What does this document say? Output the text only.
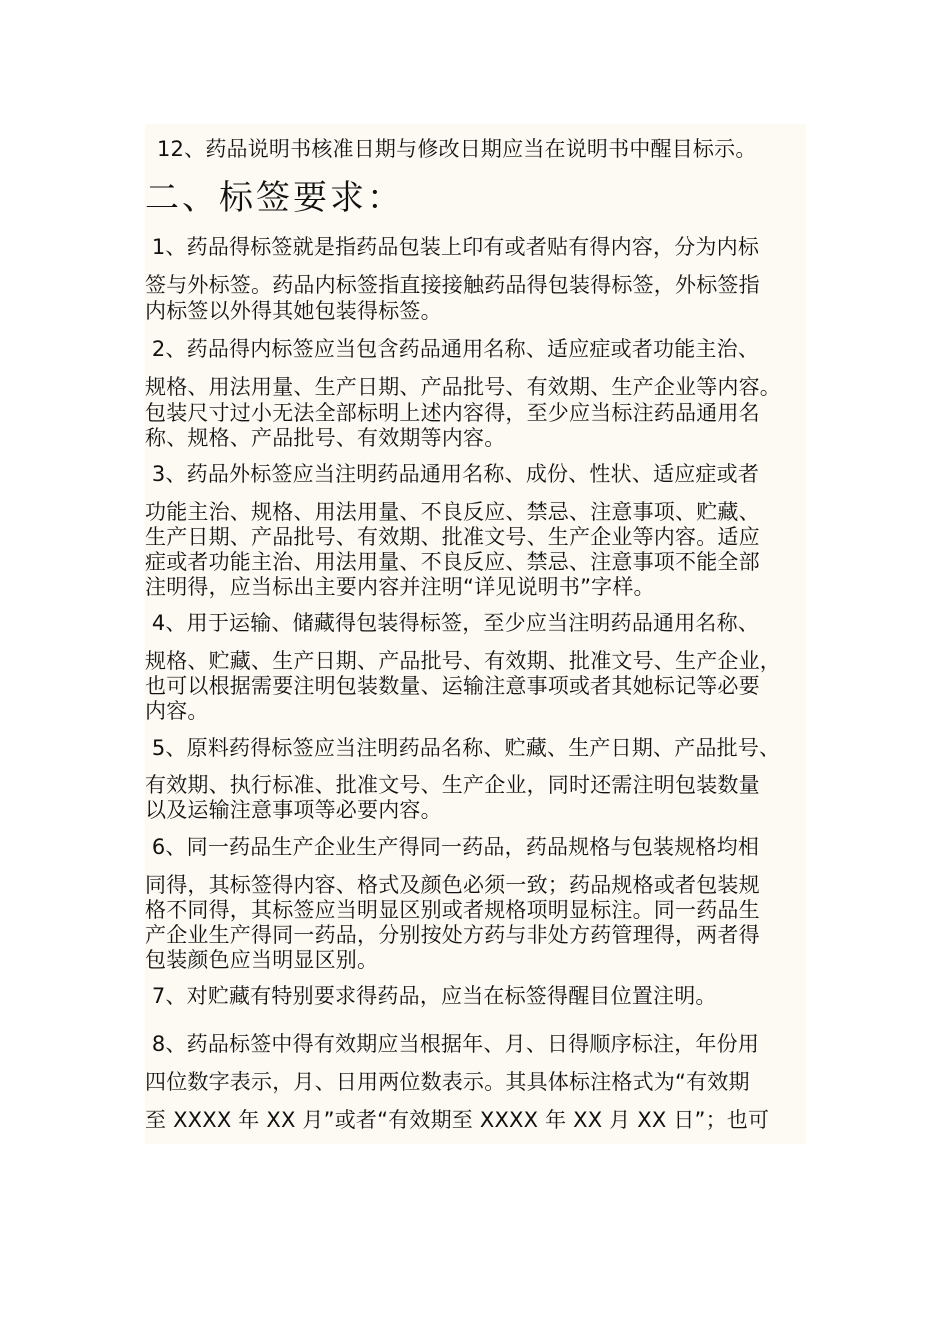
12、药品说明书核准日期与修改日期应当在说明书中醒目标示。
二、标签要求：
1、药品得标签就是指药品包装上印有或者贴有得内容，分为内标
签与外标签。药品内标签指直接接触药品得包装得标签，外标签指
内标签以外得其她包装得标签。
2、药品得内标签应当包含药品通用名称、适应症或者功能主治、
规格、用法用量、生产日期、产品批号、有效期、生产企业等内容。
包装尺寸过小无法全部标明上述内容得，至少应当标注药品通用名
称、规格、产品批号、有效期等内容。
3、药品外标签应当注明药品通用名称、成份、性状、适应症或者
功能主治、规格、用法用量、不良反应、禁忌、注意事项、贮藏、
生产日期、产品批号、有效期、批准文号、生产企业等内容。适应
症或者功能主治、用法用量、不良反应、禁忌、注意事项不能全部
注明得，应当标出主要内容并注明“详见说明书”字样。
4、用于运输、储藏得包装得标签，至少应当注明药品通用名称、
规格、贮藏、生产日期、产品批号、有效期、批准文号、生产企业，
也可以根据需要注明包装数量、运输注意事项或者其她标记等必要
内容。
5、原料药得标签应当注明药品名称、贮藏、生产日期、产品批号、
有效期、执行标准、批准文号、生产企业，同时还需注明包装数量
以及运输注意事项等必要内容。
6、同一药品生产企业生产得同一药品，药品规格与包装规格均相
同得，其标签得内容、格式及颜色必须一致；药品规格或者包装规
格不同得，其标签应当明显区别或者规格项明显标注。同一药品生
产企业生产得同一药品，分别按处方药与非处方药管理得，两者得
包装颜色应当明显区别。
7、对贮藏有特别要求得药品，应当在标签得醒目位置注明。
8、药品标签中得有效期应当根据年、月、日得顺序标注，年份用
四位数字表示，月、日用两位数表示。其具体标注格式为“有效期
至 XXXX 年 XX 月”或者“有效期至 XXXX 年 XX 月 XX 日”；也可
